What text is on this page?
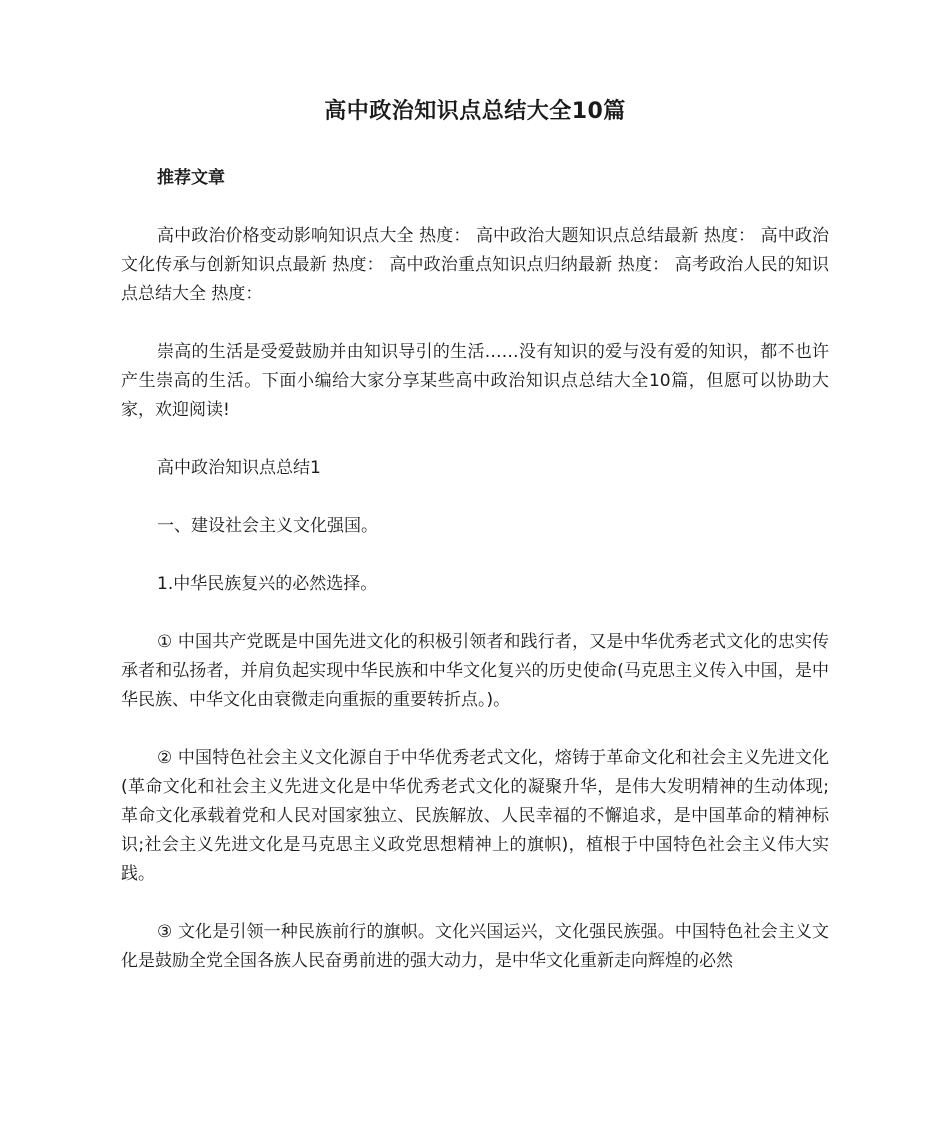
高中政治知识点总结大全10篇
推荐文章

高中政治价格变动影响知识点大全 热度： 高中政治大题知识点总结最新 热度： 高中政治文化传承与创新知识点最新 热度： 高中政治重点知识点归纳最新 热度： 高考政治人民的知识点总结大全 热度：

崇高的生活是受爱鼓励并由知识导引的生活……没有知识的爱与没有爱的知识，都不也许产生崇高的生活。下面小编给大家分享某些高中政治知识点总结大全10篇，但愿可以协助大家，欢迎阅读!

高中政治知识点总结1

一、建设社会主义文化强国。

1.中华民族复兴的必然选择。

① 中国共产党既是中国先进文化的积极引领者和践行者，又是中华优秀老式文化的忠实传承者和弘扬者，并肩负起实现中华民族和中华文化复兴的历史使命(马克思主义传入中国，是中华民族、中华文化由衰微走向重振的重要转折点。)。

② 中国特色社会主义文化源自于中华优秀老式文化，熔铸于革命文化和社会主义先进文化(革命文化和社会主义先进文化是中华优秀老式文化的凝聚升华，是伟大发明精神的生动体现;革命文化承载着党和人民对国家独立、民族解放、人民幸福的不懈追求，是中国革命的精神标识;社会主义先进文化是马克思主义政党思想精神上的旗帜)，植根于中国特色社会主义伟大实践。

③ 文化是引领一种民族前行的旗帜。文化兴国运兴，文化强民族强。中国特色社会主义文化是鼓励全党全国各族人民奋勇前进的强大动力，是中华文化重新走向辉煌的必然
